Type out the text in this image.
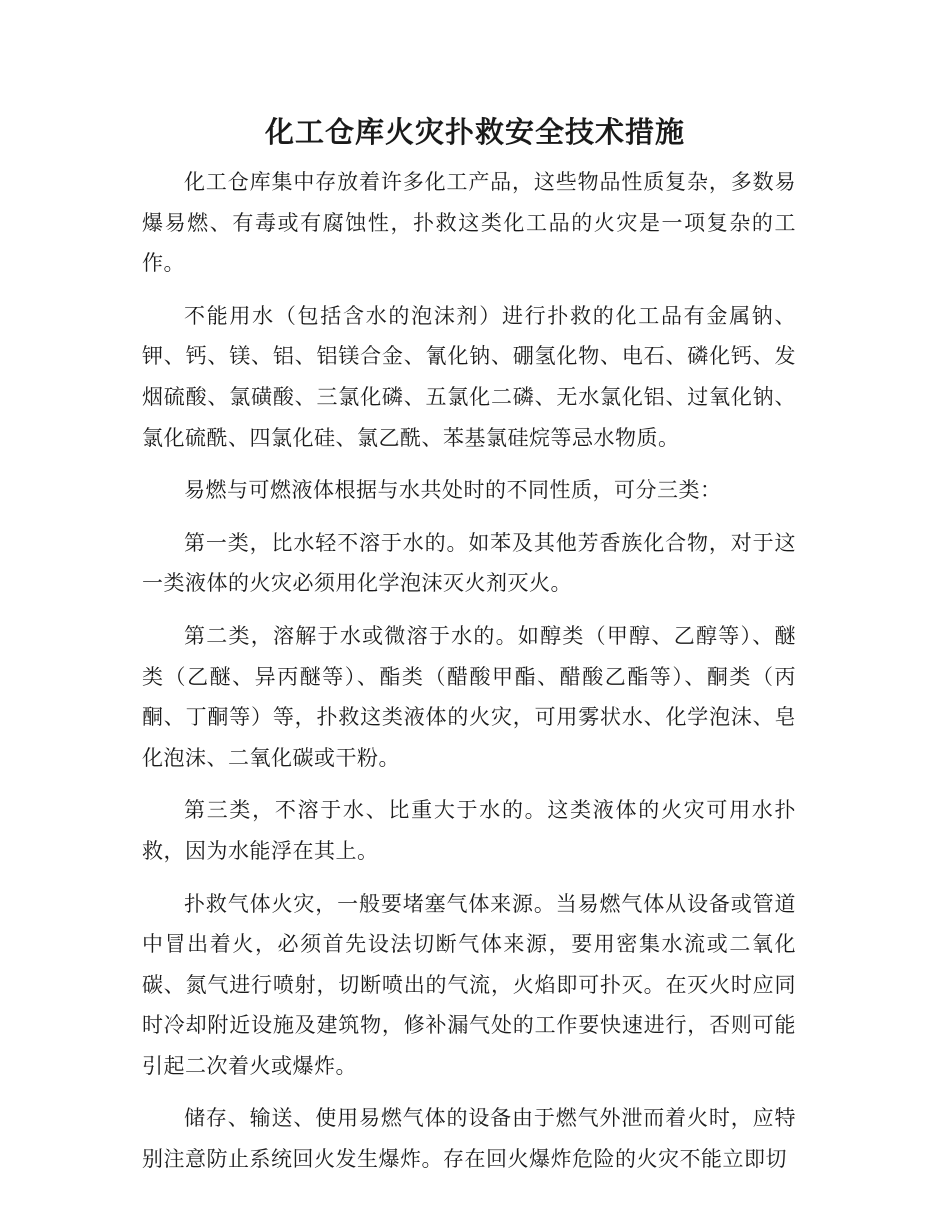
化工仓库火灾扑救安全技术措施

化工仓库集中存放着许多化工产品，这些物品性质复杂，多数易爆易燃、有毒或有腐蚀性，扑救这类化工品的火灾是一项复杂的工作。

不能用水（包括含水的泡沫剂）进行扑救的化工品有金属钠、钾、钙、镁、铝、铝镁合金、氰化钠、硼氢化物、电石、磷化钙、发烟硫酸、氯磺酸、三氯化磷、五氯化二磷、无水氯化铝、过氧化钠、氯化硫酰、四氯化硅、氯乙酰、苯基氯硅烷等忌水物质。

易燃与可燃液体根据与水共处时的不同性质，可分三类：

第一类，比水轻不溶于水的。如苯及其他芳香族化合物，对于这一类液体的火灾必须用化学泡沫灭火剂灭火。

第二类，溶解于水或微溶于水的。如醇类（甲醇、乙醇等）、醚类（乙醚、异丙醚等）、酯类（醋酸甲酯、醋酸乙酯等）、酮类（丙酮、丁酮等）等，扑救这类液体的火灾，可用雾状水、化学泡沫、皂化泡沫、二氧化碳或干粉。

第三类，不溶于水、比重大于水的。这类液体的火灾可用水扑救，因为水能浮在其上。

扑救气体火灾，一般要堵塞气体来源。当易燃气体从设备或管道中冒出着火，必须首先设法切断气体来源，要用密集水流或二氧化碳、氮气进行喷射，切断喷出的气流，火焰即可扑灭。在灭火时应同时冷却附近设施及建筑物，修补漏气处的工作要快速进行，否则可能引起二次着火或爆炸。

储存、输送、使用易燃气体的设备由于燃气外泄而着火时，应特别注意防止系统回火发生爆炸。存在回火爆炸危险的火灾不能立即切
